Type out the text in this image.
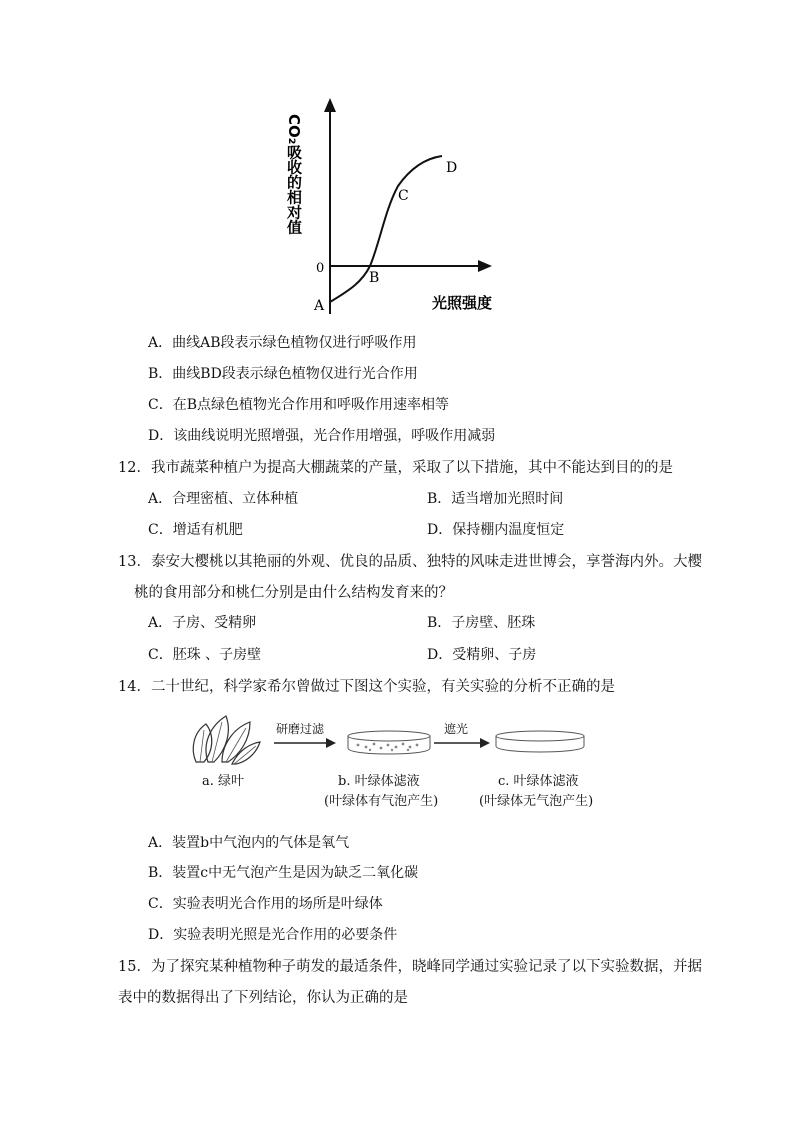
CO₂吸收的相对值
0
A
B
C
D
光照强度
A．曲线AB段表示绿色植物仅进行呼吸作用
B．曲线BD段表示绿色植物仅进行光合作用
C．在B点绿色植物光合作用和呼吸作用速率相等
D．该曲线说明光照增强，光合作用增强，呼吸作用减弱
12．我市蔬菜种植户为提高大棚蔬菜的产量，采取了以下措施，其中不能达到目的的是
A．合理密植、立体种植	B．适当增加光照时间
C．增适有机肥	D．保持棚内温度恒定
13．泰安大樱桃以其艳丽的外观、优良的品质、独特的风味走进世博会，享誉海内外。大樱
桃的食用部分和桃仁分别是由什么结构发育来的？
A．子房、受精卵	B．子房壁、胚珠
C．胚珠 、子房壁	D．受精卵、子房
14．二十世纪，科学家希尔曾做过下图这个实验，有关实验的分析不正确的是
研磨过滤	遮光
a. 绿叶	b. 叶绿体滤液
(叶绿体有气泡产生)
c. 叶绿体滤液
(叶绿体无气泡产生)
A．装置b中气泡内的气体是氧气
B．装置c中无气泡产生是因为缺乏二氧化碳
C．实验表明光合作用的场所是叶绿体
D．实验表明光照是光合作用的必要条件
15．为了探究某种植物种子萌发的最适条件，晓峰同学通过实验记录了以下实验数据，并据
表中的数据得出了下列结论，你认为正确的是
